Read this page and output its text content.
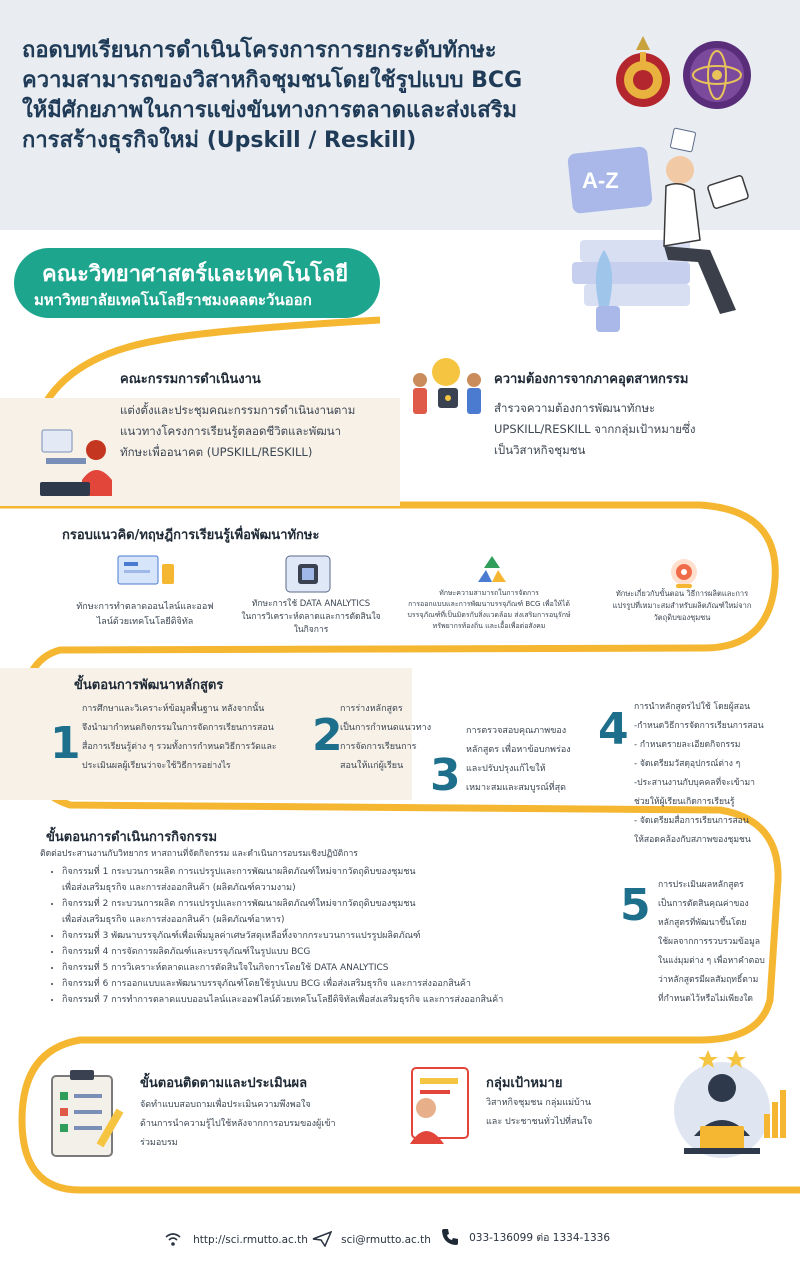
ถอดบทเรียนการดำเนินโครงการการยกระดับทักษะ
ความสามารถของวิสาหกิจชุมชนโดยใช้รูปแบบ BCG
ให้มีศักยภาพในการแข่งขันทางการตลาดและส่งเสริม
การสร้างธุรกิจใหม่ (Upskill / Reskill)
A-Z
คณะวิทยาศาสตร์และเทคโนโลยี
มหาวิทยาลัยเทคโนโลยีราชมงคลตะวันออก
คณะกรรมการดำเนินงาน

แต่งตั้งและประชุมคณะกรรมการดำเนินงานตาม

แนวทางโครงการเรียนรู้ตลอดชีวิตและพัฒนา

ทักษะเพื่ออนาคต (UPSKILL/RESKILL)

ความต้องการจากภาคอุตสาหกรรม

สำรวจความต้องการพัฒนาทักษะ

UPSKILL/RESKILL จากกลุ่มเป้าหมายซึ่ง

เป็นวิสาหกิจชุมชน

กรอบแนวคิด/ทฤษฎีการเรียนรู้เพื่อพัฒนาทักษะ

ทักษะการทำตลาดออนไลน์และออฟ

ไลน์ด้วยเทคโนโลยีดิจิทัล

ทักษะการใช้ DATA ANALYTICS

ในการวิเคราะห์ตลาดและการตัดสินใจ

ในกิจการ

ทักษะความสามารถในการจัดการ

การออกแบบและการพัฒนาบรรจุภัณฑ์ BCG เพื่อให้ได้

บรรจุภัณฑ์ที่เป็นมิตรกับสิ่งแวดล้อม ส่งเสริมการอนุรักษ์

ทรัพยากรท้องถิ่น และเอื้อเพื่อต่อสังคม

ทักษะเกี่ยวกับขั้นตอน วิธีการผลิตและการ

แปรรูปที่เหมาะสมสำหรับผลิตภัณฑ์ใหม่จาก

วัตถุดิบของชุมชน

ขั้นตอนการพัฒนาหลักสูตร
1

การศึกษาและวิเคราะห์ข้อมูลพื้นฐาน หลังจากนั้น

จึงนำมากำหนดกิจกรรมในการจัดการเรียนการสอน

สื่อการเรียนรู้ต่าง ๆ รวมทั้งการกำหนดวิธีการวัดและ

ประเมินผลผู้เรียนว่าจะใช้วิธีการอย่างไร

2

การร่างหลักสูตร

เป็นการกำหนดแนวทาง

การจัดการเรียนการ

สอนให้แก่ผู้เรียน 3

การตรวจสอบคุณภาพของ

หลักสูตร เพื่อหาข้อบกพร่อง

และปรับปรุงแก้ไขให้

เหมาะสมและสมบูรณ์ที่สุด

4 การนำหลักสูตรไปใช้ โดยผู้สอน

-กำหนดวิธีการจัดการเรียนการสอน

- กำหนดรายละเอียดกิจกรรม

- จัดเตรียมวัสดุอุปกรณ์ต่าง ๆ

-ประสานงานกับบุคคลที่จะเข้ามา

ช่วยให้ผู้เรียนเกิดการเรียนรู้

- จัดเตรียมสื่อการเรียนการสอน

ให้สอดคล้องกับสภาพของชุมชน

ขั้นตอนการดำเนินการกิจกรรม

ติดต่อประสานงานกับวิทยากร หาสถานที่จัดกิจกรรม และดำเนินการอบรมเชิงปฏิบัติการ

• กิจกรรมที่ 1 กระบวนการผลิต การแปรรูปและการพัฒนาผลิตภัณฑ์ใหม่จากวัตถุดิบของชุมชน
เพื่อส่งเสริมธุรกิจ และการส่งออกสินค้า (ผลิตภัณฑ์ความงาม)
• กิจกรรมที่ 2 กระบวนการผลิต การแปรรูปและการพัฒนาผลิตภัณฑ์ใหม่จากวัตถุดิบของชุมชน
เพื่อส่งเสริมธุรกิจ และการส่งออกสินค้า (ผลิตภัณฑ์อาหาร)
• กิจกรรมที่ 3 พัฒนาบรรจุภัณฑ์เพื่อเพิ่มมูลค่าเศษวัสดุเหลือทิ้งจากกระบวนการแปรรูปผลิตภัณฑ์
• กิจกรรมที่ 4 การจัดการผลิตภัณฑ์และบรรจุภัณฑ์ในรูปแบบ BCG
• กิจกรรมที่ 5 การวิเคราะห์ตลาดและการตัดสินใจในกิจการโดยใช้ DATA ANALYTICS
• กิจกรรมที่ 6 การออกแบบและพัฒนาบรรจุภัณฑ์โดยใช้รูปแบบ BCG เพื่อส่งเสริมธุรกิจ และการส่งออกสินค้า
• กิจกรรมที่ 7 การทำการตลาดแบบออนไลน์และออฟไลน์ด้วยเทคโนโลยีดิจิทัลเพื่อส่งเสริมธุรกิจ และการส่งออกสินค้า
5 การประเมินผลหลักสูตร

เป็นการตัดสินคุณค่าของ

หลักสูตรที่พัฒนาขึ้นโดย

ใช้ผลจากการรวบรวมข้อมูล

ในแง่มุมต่าง ๆ เพื่อหาคำตอบ

ว่าหลักสูตรมีผลสัมฤทธิ์ตาม

ที่กำหนดไว้หรือไม่เพียงใด

ขั้นตอนติดตามและประเมินผล

จัดทำแบบสอบถามเพื่อประเมินความพึงพอใจ

ด้านการนำความรู้ไปใช้หลังจากการอบรมของผู้เข้า

ร่วมอบรม

กลุ่มเป้าหมาย

วิสาหกิจชุมชน กลุ่มแม่บ้าน

และ ประชาชนทั่วไปที่สนใจ

http://sci.rmutto.ac.th	sci@rmutto.ac.th	033-136099 ต่อ 1334-1336
